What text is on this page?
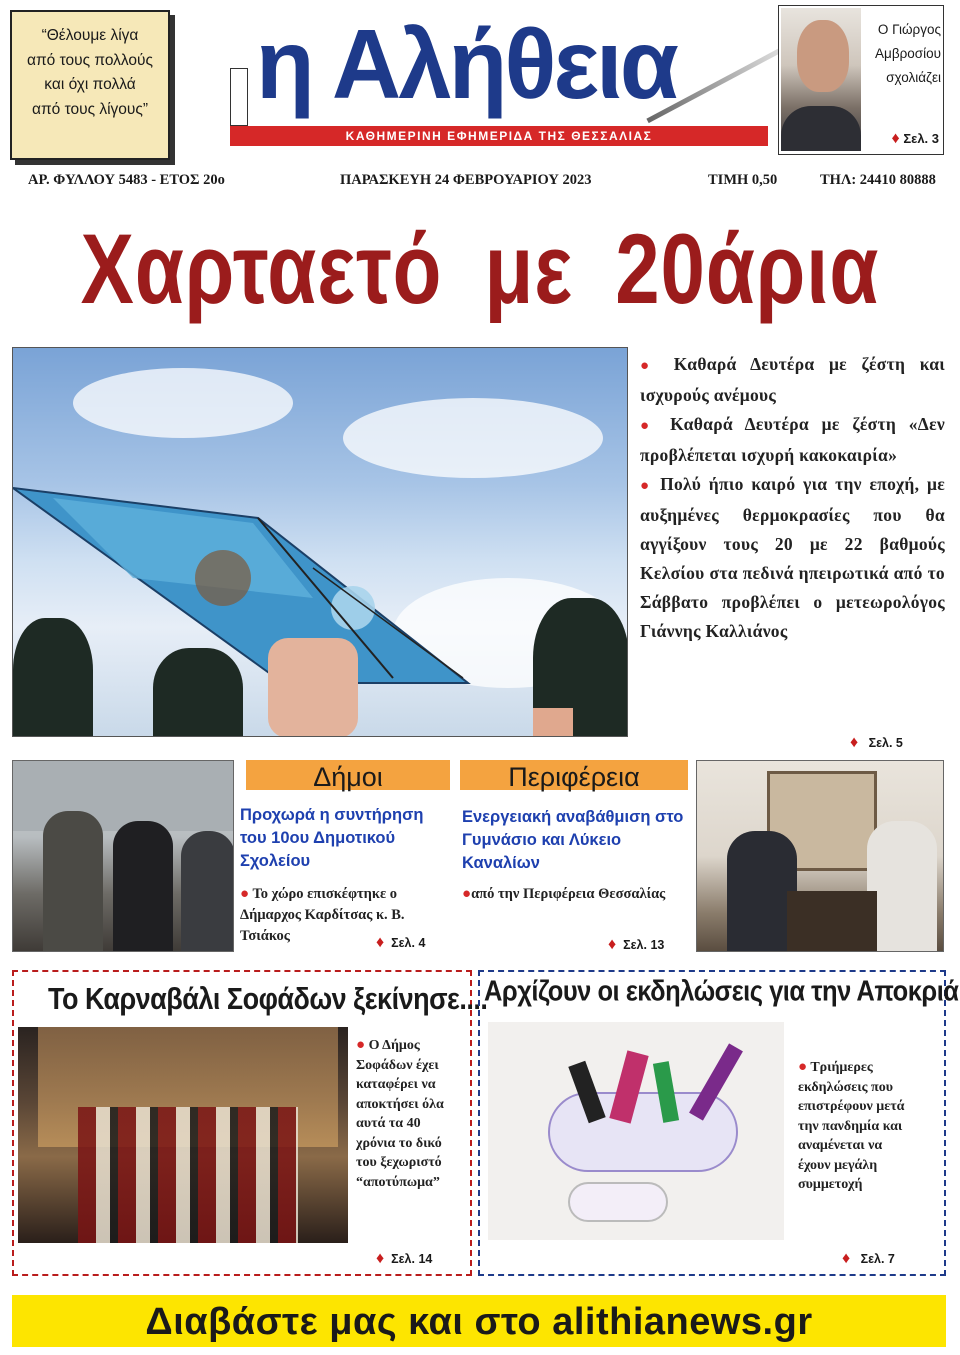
“Θέλουμε λίγα
από τους πολλούς
και όχι πολλά
από τους λίγους” η Αλήθεια
ΚΑΘΗΜΕΡΙΝΗ ΕΦΗΜΕΡΙΔΑ ΤΗΣ ΘΕΣΣΑΛΙΑΣ
Ο Γιώργος
Αμβροσίου
σχολιάζει
♦ Σελ. 3
ΑΡ. ΦΥΛΛΟΥ 5483 - ΕΤΟΣ 20ο	ΠΑΡΑΣΚΕΥΗ 24 ΦΕΒΡΟΥΑΡΙΟΥ 2023	ΤΙΜΗ 0,50	ΤΗΛ: 24410 80888
Χαρταετό με 20άρια

● Καθαρά Δευτέρα με ζέστη και ισχυρούς ανέμους

● Καθαρά Δευτέρα με ζέστη «Δεν προβλέπεται ισχυρή κακοκαιρία»

● Πολύ ήπιο καιρό για την εποχή, με αυξημένες θερμοκρασίες που θα αγγίξουν τους 20 με 22 βαθμούς Κελσίου στα πεδινά ηπειρωτικά από το Σάββατο προβλέπει ο μετεωρολόγος Γιάννης Καλλιάνος

♦ Σελ. 5
Δήμοι
Προχωρά η συντήρηση του 10ου Δημοτικού Σχολείου
● Το χώρο επισκέφτηκε ο Δήμαρχος Καρδίτσας κ. Β. Τσιάκος	♦ Σελ. 4
Περιφέρεια
Ενεργειακή αναβάθμιση στο Γυμνάσιο και Λύκειο Καναλίων
●από την Περιφέρεια Θεσσαλίας
♦ Σελ. 13
Το Καρναβάλι Σοφάδων ξεκίνησε....
● Ο Δήμος Σοφάδων έχει καταφέρει να αποκτήσει όλα αυτά τα 40 χρόνια το δικό του ξεχωριστό “αποτύπωμα”
♦ Σελ. 14
Αρχίζουν οι εκδηλώσεις για την Αποκριά
● Τριήμερες εκδηλώσεις που επιστρέφουν μετά την πανδημία και αναμένεται να έχουν μεγάλη συμμετοχή
♦ Σελ. 7
Διαβάστε μας και στο alithianews.gr
